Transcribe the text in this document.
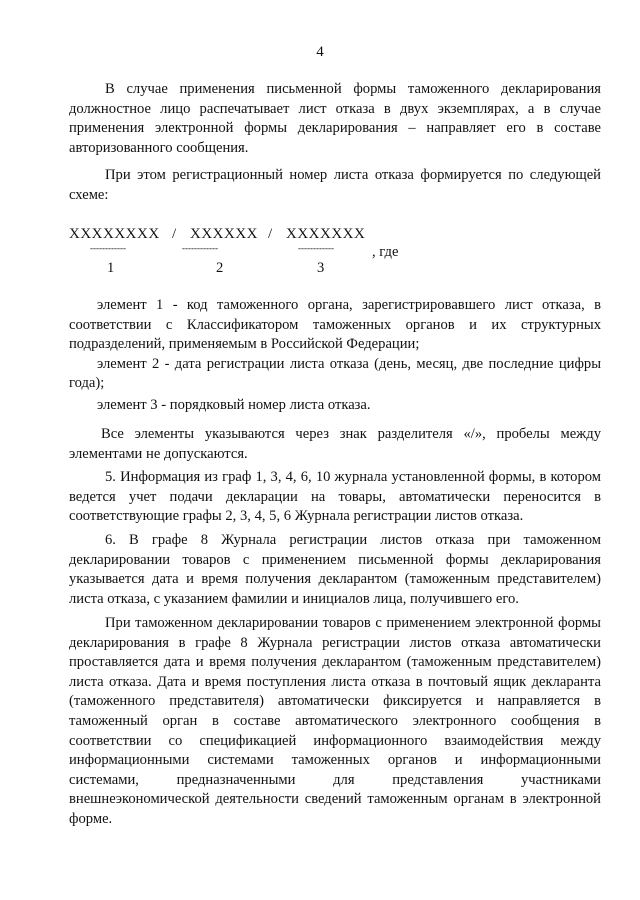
4

В случае применения письменной формы таможенного декларирования должностное лицо распечатывает лист отказа в двух экземплярах, а в случае применения электронной формы декларирования – направляет его в составе авторизованного сообщения.

При этом регистрационный номер листа отказа формируется по следующей схеме:

XXXXXXXX / XXXXXX / XXXXXXX
------------	------------	------------	, где
1	2	3

элемент 1 - код таможенного органа, зарегистрировавшего лист отказа, в соответствии с Классификатором таможенных органов и их структурных подразделений, применяемым в Российской Федерации;

элемент 2 - дата регистрации листа отказа (день, месяц, две последние цифры года);

элемент 3 - порядковый номер листа отказа.

Все элементы указываются через знак разделителя «/», пробелы между элементами не допускаются.

5. Информация из граф 1, 3, 4, 6, 10 журнала установленной формы, в котором ведется учет подачи декларации на товары, автоматически переносится в соответствующие графы 2, 3, 4, 5, 6 Журнала регистрации листов отказа.

6. В графе 8 Журнала регистрации листов отказа при таможенном декларировании товаров с применением письменной формы декларирования указывается дата и время получения декларантом (таможенным представителем) листа отказа, с указанием фамилии и инициалов лица, получившего его.

При таможенном декларировании товаров с применением электронной формы декларирования в графе 8 Журнала регистрации листов отказа автоматически проставляется дата и время получения декларантом (таможенным представителем) листа отказа. Дата и время поступления листа отказа в почтовый ящик декларанта (таможенного представителя) автоматически фиксируется и направляется в таможенный орган в составе автоматического электронного сообщения в соответствии со спецификацией информационного взаимодействия между информационными системами таможенных органов и информационными системами, предназначенными для представления участниками внешнеэкономической деятельности сведений таможенным органам в электронной форме.
